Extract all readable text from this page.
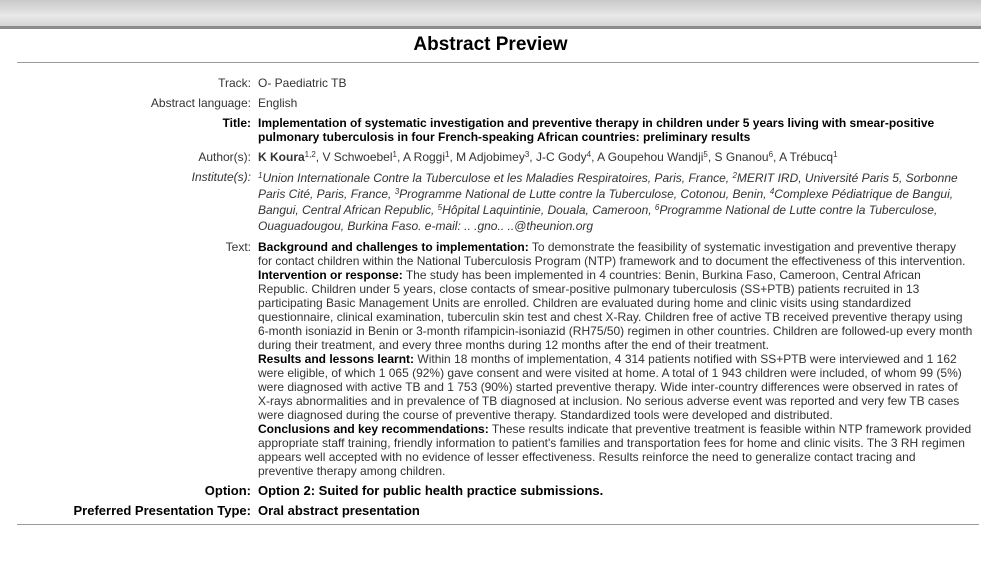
Abstract Preview
Track:	O- Paediatric TB
Abstract language:	English
Title:	Implementation of systematic investigation and preventive therapy in children under 5 years living with smear-positive pulmonary tuberculosis in four French-speaking African countries: preliminary results
Author(s):	K Koura$^{1,2}$, V Schwoebel$^1$, A Roggi$^1$, M Adjobimey$^3$, J-C Gody$^4$, A Goupehou Wandji$^5$, S Gnanou$^6$, A Trébucq$^1$
Institute(s):	$^1$Union Internationale Contre la Tuberculose et les Maladies Respiratoires, Paris, France, $^2$MERIT IRD, Université Paris 5, Sorbonne Paris Cité, Paris, France, $^3$Programme National de Lutte contre la Tuberculose, Cotonou, Benin, $^4$Complexe Pédiatrique de Bangui, Bangui, Central African Republic, $^5$Hôpital Laquintinie, Douala, Cameroon, $^6$Programme National de Lutte contre la Tuberculose, Ouaguadougou, Burkina Faso. e-mail: .. .gno.. ..@theunion.org
Text:	Background and challenges to implementation: To demonstrate the feasibility of systematic investigation and preventive therapy for contact children within the National Tuberculosis Program (NTP) framework and to document the effectiveness of this intervention.

Intervention or response: The study has been implemented in 4 countries: Benin, Burkina Faso, Cameroon, Central African Republic. Children under 5 years, close contacts of smear-positive pulmonary tuberculosis (SS+PTB) patients recruited in 13 participating Basic Management Units are enrolled. Children are evaluated during home and clinic visits using standardized questionnaire, clinical examination, tuberculin skin test and chest X-Ray. Children free of active TB received preventive therapy using 6-month isoniazid in Benin or 3-month rifampicin-isoniazid (RH75/50) regimen in other countries. Children are followed-up every month during their treatment, and every three months during 12 months after the end of their treatment.

Results and lessons learnt: Within 18 months of implementation, 4 314 patients notified with SS+PTB were interviewed and 1 162 were eligible, of which 1 065 (92%) gave consent and were visited at home. A total of 1 943 children were included, of whom 99 (5%) were diagnosed with active TB and 1 753 (90%) started preventive therapy. Wide inter-country differences were observed in rates of X-rays abnormalities and in prevalence of TB diagnosed at inclusion. No serious adverse event was reported and very few TB cases were diagnosed during the course of preventive therapy. Standardized tools were developed and distributed.

Conclusions and key recommendations: These results indicate that preventive treatment is feasible within NTP framework provided appropriate staff training, friendly information to patient's families and transportation fees for home and clinic visits. The 3 RH regimen appears well accepted with no evidence of lesser effectiveness. Results reinforce the need to generalize contact tracing and preventive therapy among children.

Option:	Option 2: Suited for public health practice submissions.
Preferred Presentation Type:	Oral abstract presentation
